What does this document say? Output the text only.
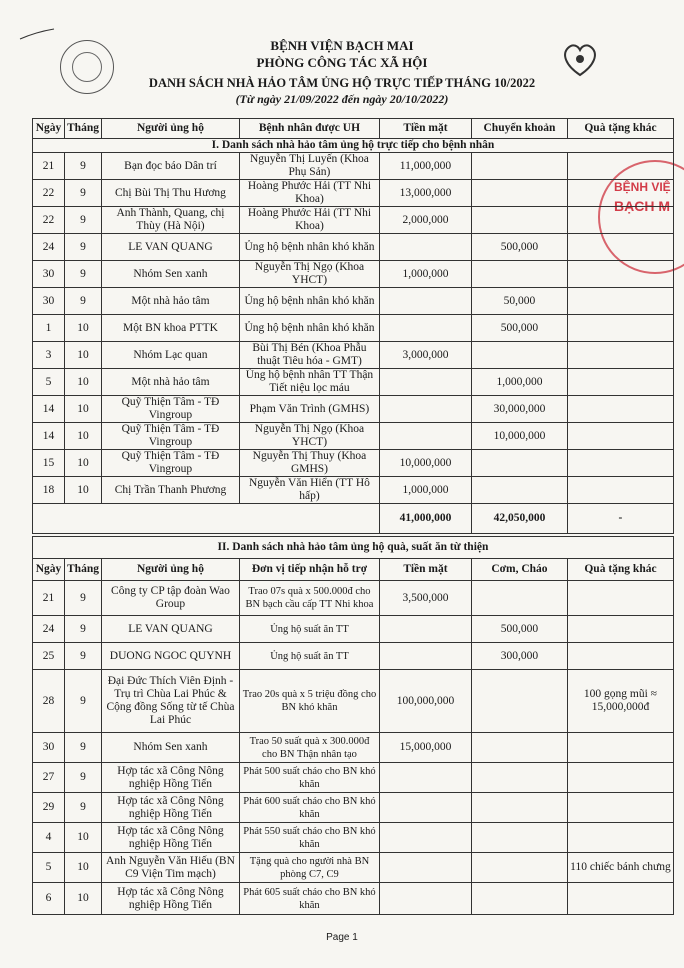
BỆNH VIỆN BẠCH MAI
PHÒNG CÔNG TÁC XÃ HỘI
DANH SÁCH NHÀ HẢO TÂM ỦNG HỘ TRỰC TIẾP THÁNG 10/2022
(Từ ngày 21/09/2022 đến ngày 20/10/2022)
BỆNH VIỆ
BẠCH M
Ngày	Tháng	Người ủng hộ	Bệnh nhân được UH	Tiền mặt	Chuyển khoản	Quà tặng khác
I. Danh sách nhà hảo tâm ủng hộ trực tiếp cho bệnh nhân						
21	9	Bạn đọc báo Dân trí	Nguyễn Thị Luyến (Khoa Phụ Sản)	11,000,000		
22	9	Chị Bùi Thị Thu Hương	Hoàng Phước Hải (TT Nhi Khoa)	13,000,000		
22	9	Anh Thành, Quang, chị Thùy (Hà Nội)	Hoàng Phước Hải (TT Nhi Khoa)	2,000,000		
24	9	LE VAN QUANG	Ủng hộ bệnh nhân khó khăn		500,000	
30	9	Nhóm Sen xanh	Nguyễn Thị Ngọ (Khoa YHCT)	1,000,000		
30	9	Một nhà hảo tâm	Ủng hộ bệnh nhân khó khăn		50,000	
1	10	Một BN khoa PTTK	Ủng hộ bệnh nhân khó khăn		500,000	
3	10	Nhóm Lạc quan	Bùi Thị Bén (Khoa Phẫu thuật Tiêu hóa - GMT)	3,000,000		
5	10	Một nhà hảo tâm	Ủng hộ bệnh nhân TT Thận Tiết niệu lọc máu		1,000,000	
14	10	Quỹ Thiện Tâm - TĐ Vingroup	Phạm Văn Trình (GMHS)		30,000,000	
14	10	Quỹ Thiện Tâm - TĐ Vingroup	Nguyễn Thị Ngọ (Khoa YHCT)		10,000,000	
15	10	Quỹ Thiện Tâm - TĐ Vingroup	Nguyễn Thị Thuy (Khoa GMHS)	10,000,000		
18	10	Chị Trần Thanh Phương	Nguyễn Văn Hiển (TT Hô hấp)	1,000,000		
				41,000,000	42,050,000	-
II. Danh sách nhà hảo tâm ủng hộ quà, suất ăn từ thiện						
Ngày	Tháng	Người ủng hộ	Đơn vị tiếp nhận hỗ trợ	Tiền mặt	Cơm, Cháo	Quà tặng khác
21	9	Công ty CP tập đoàn Wao Group	Trao 07s quà x 500.000đ cho BN bạch cầu cấp TT Nhi khoa	3,500,000		
24	9	LE VAN QUANG	Ủng hộ suất ăn TT		500,000	
25	9	DUONG NGOC QUYNH	Ủng hộ suất ăn TT		300,000	
28	9	Đại Đức Thích Viên Định - Trụ trì Chùa Lai Phúc & Cộng đồng Sống từ tế Chùa Lai Phúc	Trao 20s quà x 5 triệu đồng cho BN khó khăn	100,000,000		100 gọng mũi ≈ 15,000,000đ
30	9	Nhóm Sen xanh	Trao 50 suất quà x 300.000đ cho BN Thận nhân tạo	15,000,000		
27	9	Hợp tác xã Công Nông nghiệp Hồng Tiến	Phát 500 suất cháo cho BN khó khăn			
29	9	Hợp tác xã Công Nông nghiệp Hồng Tiến	Phát 600 suất cháo cho BN khó khăn			
4	10	Hợp tác xã Công Nông nghiệp Hồng Tiến	Phát 550 suất cháo cho BN khó khăn			
5	10	Anh Nguyễn Văn Hiếu (BN C9 Viện Tim mạch)	Tặng quà cho người nhà BN phòng C7, C9			110 chiếc bánh chưng
6	10	Hợp tác xã Công Nông nghiệp Hồng Tiến	Phát 605 suất cháo cho BN khó khăn			
Page 1
